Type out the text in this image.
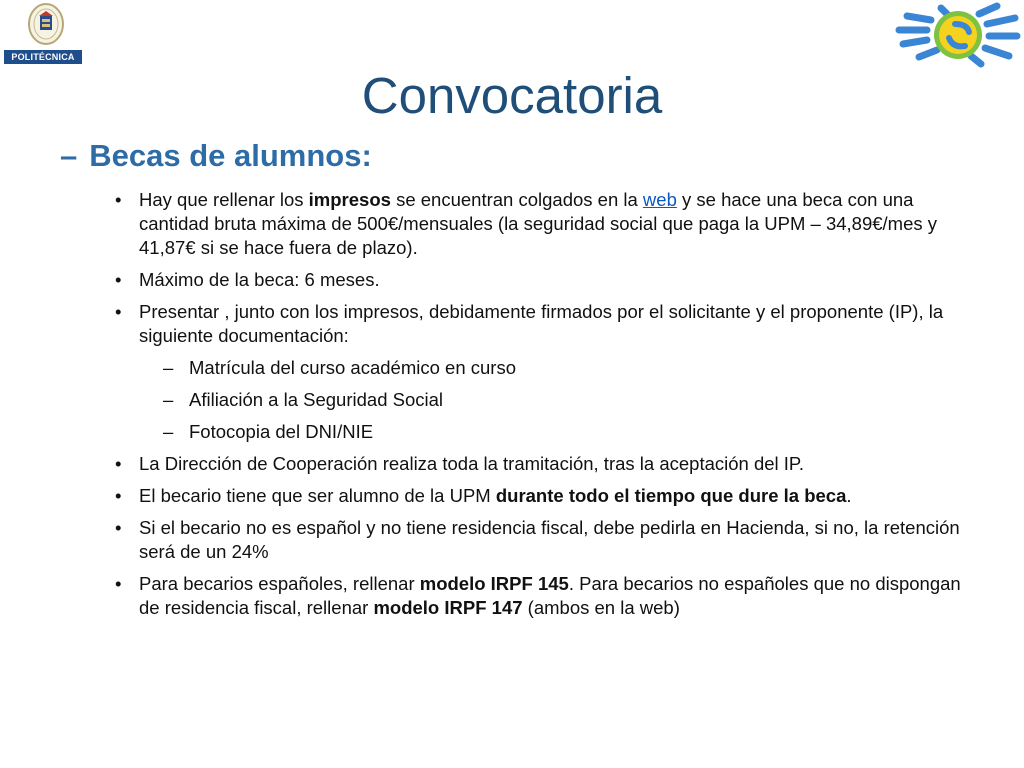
POLITÉCNICA
Convocatoria
– Becas de alumnos:
• Hay que rellenar los impresos se encuentran colgados en la web y se hace una beca con una cantidad bruta máxima de 500€/mensuales (la seguridad social que paga la UPM – 34,89€/mes y 41,87€ si se hace fuera de plazo).
• Máximo de la beca: 6 meses.
• Presentar , junto con los impresos, debidamente firmados por el solicitante y el proponente (IP), la siguiente documentación:
– Matrícula del curso académico en curso
– Afiliación a la Seguridad Social
– Fotocopia del DNI/NIE
• La Dirección de Cooperación realiza toda la tramitación, tras la aceptación del IP.
• El becario tiene que ser alumno de la UPM durante todo el tiempo que dure la beca.
• Si el becario no es español y no tiene residencia fiscal, debe pedirla en Hacienda, si no, la retención será de un 24%
• Para becarios españoles, rellenar modelo IRPF 145. Para becarios no españoles que no dispongan de residencia fiscal, rellenar modelo IRPF 147 (ambos en la web)
